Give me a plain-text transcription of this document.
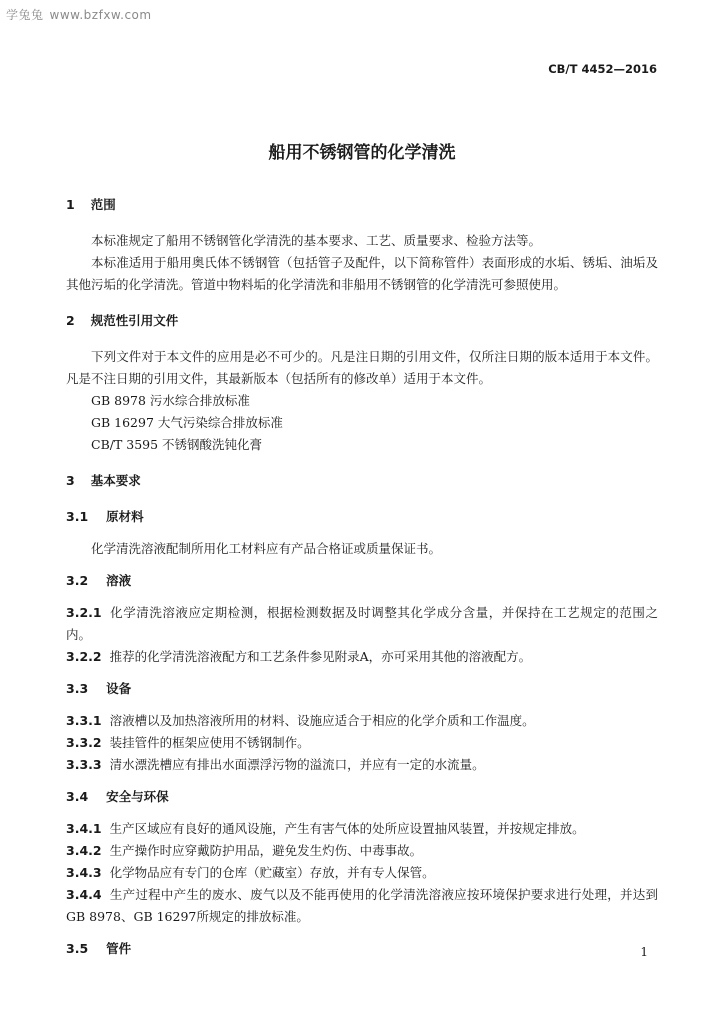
学兔兔 www.bzfxw.com
CB/T 4452—2016
船用不锈钢管的化学清洗
1 范围
本标准规定了船用不锈钢管化学清洗的基本要求、工艺、质量要求、检验方法等。
本标准适用于船用奥氏体不锈钢管（包括管子及配件，以下简称管件）表面形成的水垢、锈垢、油垢及其他污垢的化学清洗。管道中物料垢的化学清洗和非船用不锈钢管的化学清洗可参照使用。
2 规范性引用文件
下列文件对于本文件的应用是必不可少的。凡是注日期的引用文件，仅所注日期的版本适用于本文件。凡是不注日期的引用文件，其最新版本（包括所有的修改单）适用于本文件。
GB 8978 污水综合排放标准
GB 16297 大气污染综合排放标准
CB/T 3595 不锈钢酸洗钝化膏
3 基本要求
3.1 原材料
化学清洗溶液配制所用化工材料应有产品合格证或质量保证书。
3.2 溶液
3.2.1 化学清洗溶液应定期检测，根据检测数据及时调整其化学成分含量，并保持在工艺规定的范围之内。
3.2.2 推荐的化学清洗溶液配方和工艺条件参见附录A，亦可采用其他的溶液配方。
3.3 设备
3.3.1 溶液槽以及加热溶液所用的材料、设施应适合于相应的化学介质和工作温度。
3.3.2 装挂管件的框架应使用不锈钢制作。
3.3.3 清水漂洗槽应有排出水面漂浮污物的溢流口，并应有一定的水流量。
3.4 安全与环保
3.4.1 生产区域应有良好的通风设施，产生有害气体的处所应设置抽风装置，并按规定排放。
3.4.2 生产操作时应穿戴防护用品，避免发生灼伤、中毒事故。
3.4.3 化学物品应有专门的仓库（贮藏室）存放，并有专人保管。
3.4.4 生产过程中产生的废水、废气以及不能再使用的化学清洗溶液应按环境保护要求进行处理，并达到GB 8978、GB 16297所规定的排放标准。
3.5 管件	1
